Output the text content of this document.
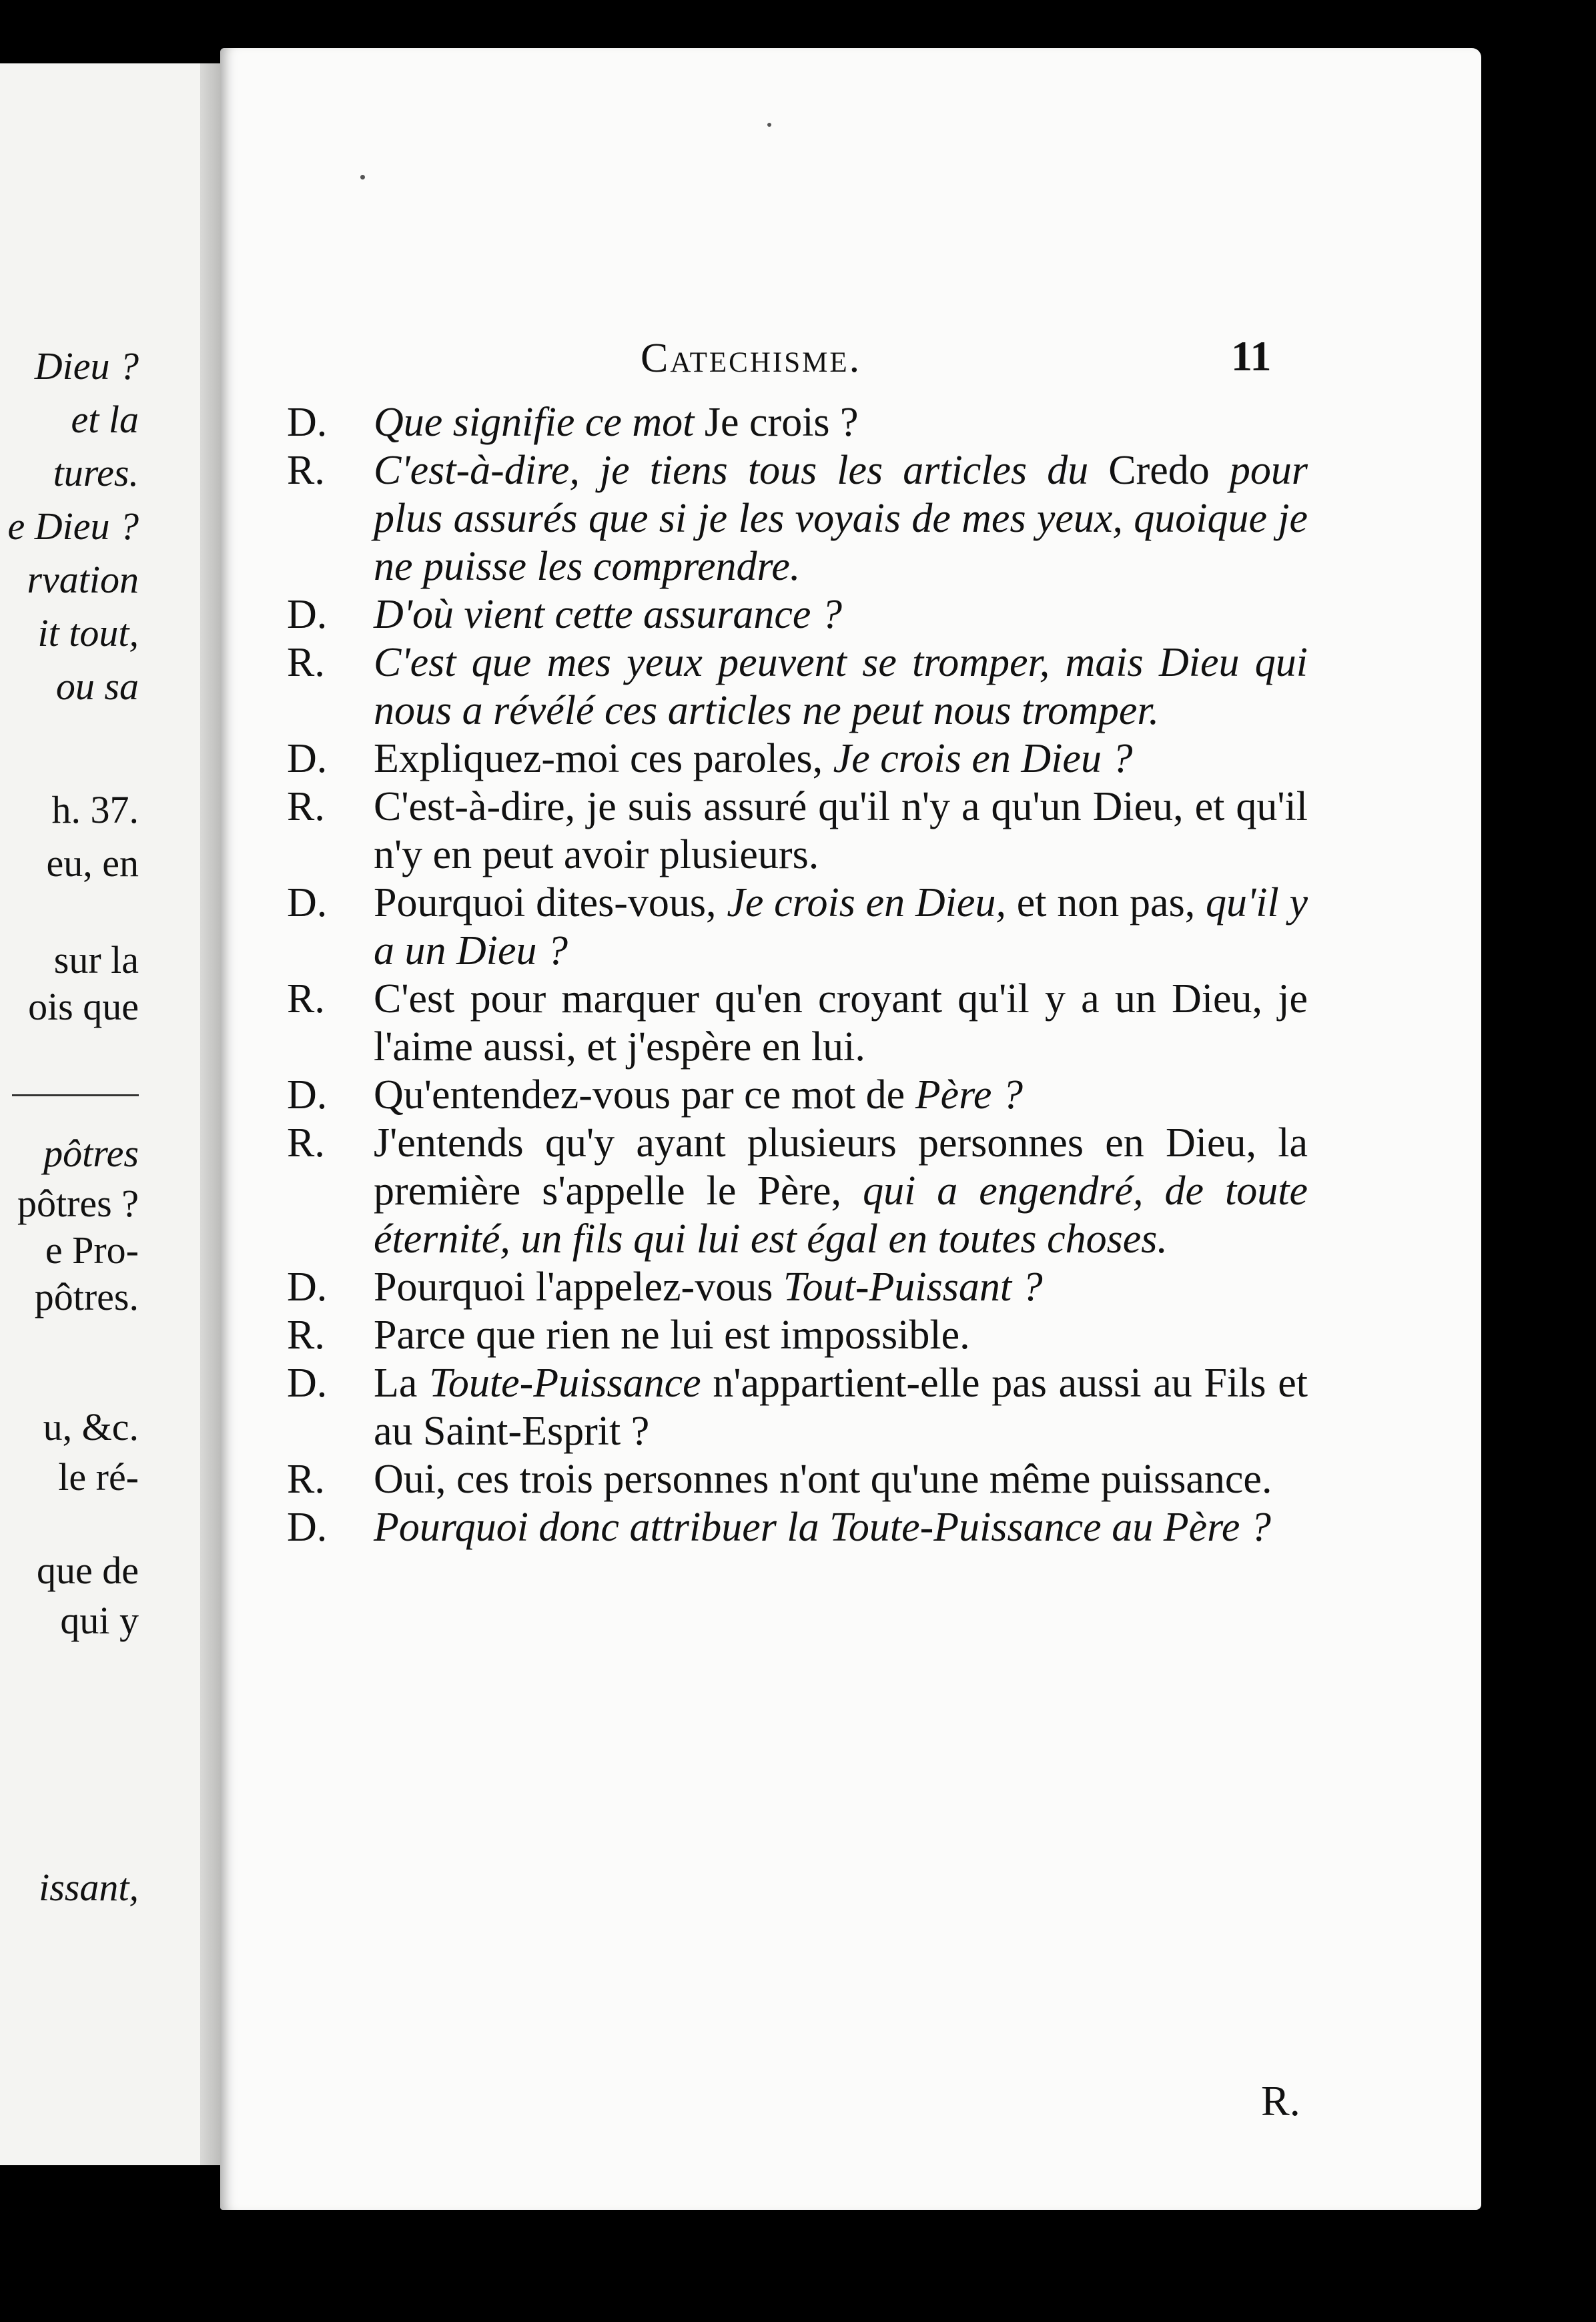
Dieu ?
et la
tures.
e Dieu ?
rvation
it tout,
ou sa
h. 37.
eu, en
sur la
ois que
pôtres
pôtres ?
e Pro-
pôtres.
u, &c.
le ré-
que de
qui y
issant,
Catechisme.	11
D. Que signifie ce mot Je crois ?
R. C'est-à-dire, je tiens tous les articles du Credo pour plus assurés que si je les voyais de mes yeux, quoique je ne puisse les comprendre.
D. D'où vient cette assurance ?
R. C'est que mes yeux peuvent se tromper, mais Dieu qui nous a révélé ces articles ne peut nous tromper.
D. Expliquez-moi ces paroles, Je crois en Dieu ?
R. C'est-à-dire, je suis assuré qu'il n'y a qu'un Dieu, et qu'il n'y en peut avoir plusieurs.
D. Pourquoi dites-vous, Je crois en Dieu, et non pas, qu'il y a un Dieu ?
R. C'est pour marquer qu'en croyant qu'il y a un Dieu, je l'aime aussi, et j'espère en lui.
D. Qu'entendez-vous par ce mot de Père ?
R. J'entends qu'y ayant plusieurs personnes en Dieu, la première s'appelle le Père, qui a engendré, de toute éternité, un fils qui lui est égal en toutes choses.
D. Pourquoi l'appelez-vous Tout-Puissant ?
R. Parce que rien ne lui est impossible.
D. La Toute-Puissance n'appartient-elle pas aussi au Fils et au Saint-Esprit ?
R. Oui, ces trois personnes n'ont qu'une même puissance.
D. Pourquoi donc attribuer la Toute-Puissance au Père ?
R.
